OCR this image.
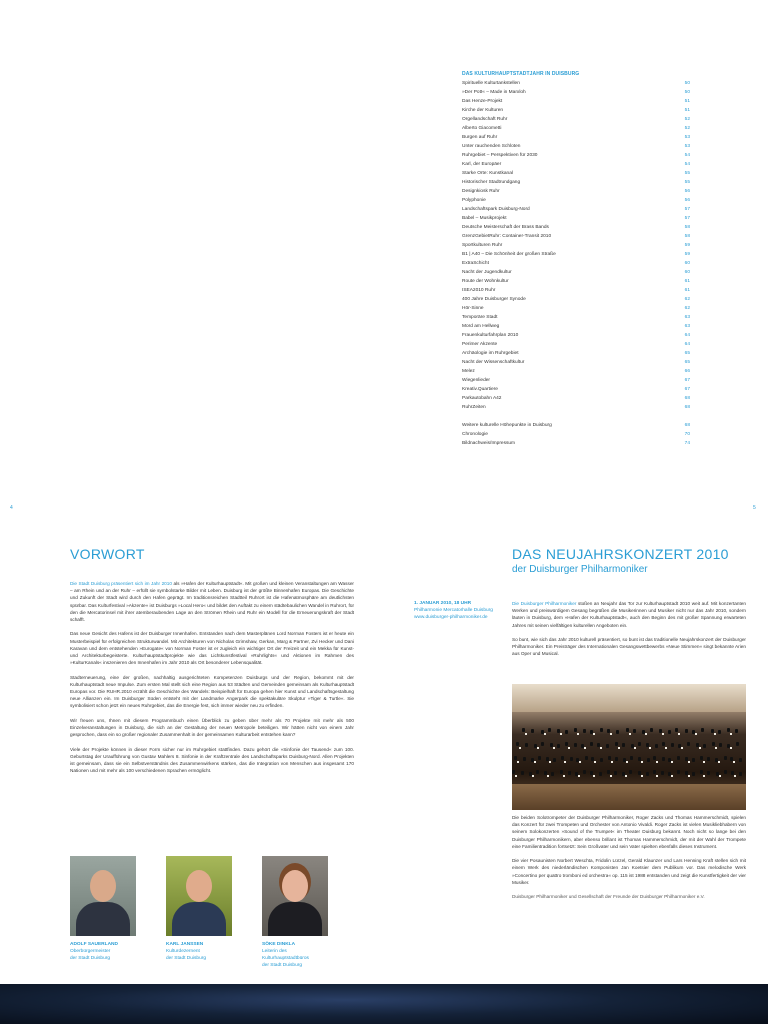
DAS KULTURHAUPTSTADTJAHR IN DUISBURG
Spirituelle Kulturtankstellen	50
»Der Pott« – Made in Marxloh	50
Das Henze-Projekt	51
Kirche der Kulturen	51
Orgellandschaft Ruhr	52
Alberto Giacometti	52
Burgen auf Ruhr	53
Unter rauchenden Schloten	53
Ruhrgebiet – Perspektiven für 2030	54
Karl, der Europäer	54
Starke Orte: Kunstkanal	55
Historischer Stadtrundgang	55
Designkiosk Ruhr	56
Polyphonie	56
Landschaftspark Duisburg-Nord	57
Babel – Musikprojekt	57
Deutsche Meisterschaft der Brass Bands	58
GrenzGebietRuhr: Container-Transit 2010	58
Sportkulturen Ruhr	59
B1 | A40 – Die Schönheit der großen Straße	59
ExtraSchicht	60
Nacht der Jugendkultur	60
Route der Wohnkultur	61
ISEA2010 Ruhr	61
400 Jahre Duisburger Synode	62
Hör-Sinne	62
Temporäre Stadt	63
Mord am Hellweg	63
Frauenkulturfahrplan 2010	64
Perimer Akzente	64
Archäologie im Ruhrgebiet	65
Nacht der Wissenschaftkultur	65
Melez	66
Wiegenlieder	67
Kreativ.Quartiere	67
Parkautobahn A42	68
RuhrZeiten	68
Weitere kulturelle Höhepunkte in Duisburg	68
Chronologie	70
Bildnachweis/Impressum	74
4	5
VORWORT

Die Stadt Duisburg präsentiert sich im Jahr 2010 als »Hafen der Kulturhauptstadt«. Mit großen und kleinen Veranstaltungen am Wasser – am Rhein und an der Ruhr – erfüllt sie symbolstarke Bilder mit Leben. Duisburg ist der größte Binnenhafen Europas. Die Geschichte und Zukunft der Stadt wird durch den Hafen geprägt. Im traditionsreichen Stadtteil Ruhrort ist die Hafenatmosphäre am deutlichsten spürbar. Das Kulturfestival »Akzente« ist Duisburgs »Local Hero« und bildet den Auftakt zu einem städtebaulichen Wandel in Ruhrort, für den die Mercatorinsel mit ihrer atemberaubenden Lage an den Strömen Rhein und Ruhr ein Modell für die Erneuerungskraft der Stadt schafft.

Das neue Gesicht des Hafens ist der Duisburger Innenhafen. Entstanden nach dem Masterplänen Lord Norman Fosters ist er heute ein Musterbeispiel für erfolgreichen Strukturwandel. Mit Architekturen von Nicholas Grimshaw, Gerkan, Marg & Partner, Zvi Hecker und Dani Karavan und dem entstehenden »Eurogate« von Norman Foster ist er zugleich ein wichtiger Ort der Freizeit und ein Mekka für Kunst- und Architekturbegeisterte. Kulturhauptstadtprojekte wie das Lichtkunstfestival »Ruhrlights« und Aktionen im Rahmen des »KulturKanals« inszenieren den Innenhafen im Jahr 2010 als Ort besonderer Lebensqualität.

Stadterneuerung, eine der großen, nachhaltig ausgerichteten Kompetenzen Duisburgs und der Region, bekommt mit der Kulturhauptstadt neue Impulse. Zum ersten Mal stellt sich eine Region aus 53 Städten und Gemeinden gemeinsam als Kulturhauptstadt Europas vor. Die RUHR.2010 erzählt die Geschichte des Wandels: Beispielhaft für Europa gehen hier Kunst und Landschaftsgestaltung neue Allianzen ein. Im Duisburger Süden entsteht mit der Landmarke Angerpark die spektakuläre Skulptur »Tiger & Turtle«. Sie symbolisiert schon jetzt ein neues Ruhrgebiet, das die Energie fest, sich immer wieder neu zu erfinden.

Wir freuen uns, Ihnen mit diesem Programmbuch einen Überblick zu geben über mehr als 70 Projekte mit mehr als 500 Einzelveranstaltungen in Duisburg, die sich an der Gestaltung der neuen Metropole beteiligen. Wir hätten nicht von einem Jahr gesprochen, dass ein so großer regionaler Zusammenhalt in der gemeinsamen Kulturarbeit entstehen kann?

Viele der Projekte können in dieser Form sicher nur im Ruhrgebiet stattfinden. Dazu gehört die »Sinfonie der Tausend« zum 100. Geburtstag der Uraufführung von Gustav Mahlers 8. Sinfonie in der Kraftzentrale des Landschaftsparks Duisburg-Nord. Allen Projekten ist gemeinsam, dass sie ein Selbstverständnis des Zusammenwirkens stärken, das die Integration von Menschen aus insgesamt 170 Nationen und mit mehr als 100 verschiedenen Sprachen ermöglicht.

ADOLF SAUERLAND
Oberbürgermeister
der Stadt Duisburg
KARL JANSSEN
Kulturdezernent
der Stadt Duisburg
SÖKE DINKLA
Leiterin des Kulturhauptstadtbüros
der Stadt Duisburg
DAS NEUJAHRSKONZERT 2010
der Duisburger Philharmoniker
1. JANUAR 2010, 18 UHR
Philharmonie Mercatorhalle Duisburg
www.duisburger-philharmoniker.de

Die Duisburger Philharmoniker stoßen an Neujahr das Tor zur Kulturhauptstadt 2010 weit auf. Mit konzertanten Werken und preiswürdigem Gesang begrüßen die Musikerinnen und Musiker nicht nur das Jahr 2010, sondern läuten in Duisburg, dem »Hafen der Kulturhauptstadt«, auch den Beginn des mit großer Spannung erwarteten Jahres mit seinen vielfältigen kulturellen Angeboten ein.

So bunt, wie sich das Jahr 2010 kulturell präsentiert, so bunt ist das traditionelle Neujahrskonzert der Duisburger Philharmoniker. Ein Preisträger des Internationalen Gesangswettbewerbs »Neue Stimmen« singt bekannte Arien aus Oper und Musical.

Die beiden Solotrompeter der Duisburger Philharmoniker, Roger Zacks und Thomas Hammerschmidt, spielen das Konzert für zwei Trompeten und Orchester von Antonio Vivaldi. Roger Zacks ist vielen Musikliebhabern von seinem Solokonzerten »Sound of the Trumpet« im Theater Duisburg bekannt. Noch nicht so lange bei den Duisburger Philharmonikern, aber ebenso brillant ist Thomas Hammerschmidt, der mit der Wahl der Trompete eine Familientradition fortsetzt: Sein Großvater und sein Vater spielten ebenfalls dieses Instrument.

Die vier Posaunisten Norbert Weschta, Fridolin Lürzel, Gerald Klaunzer und Lars Henning Kraft stellen sich mit einem Werk des niederländischen Komponisten Jan Koetsier dem Publikum vor. Das melodische Werk »Concertino per quattro tromboni ed orchestra« op. 115 ist 1988 entstanden und zeigt die Kunstfertigkeit der vier Musiker.

Duisburger Philharmoniker und Gesellschaft der Freunde der Duisburger Philharmoniker e.V.
